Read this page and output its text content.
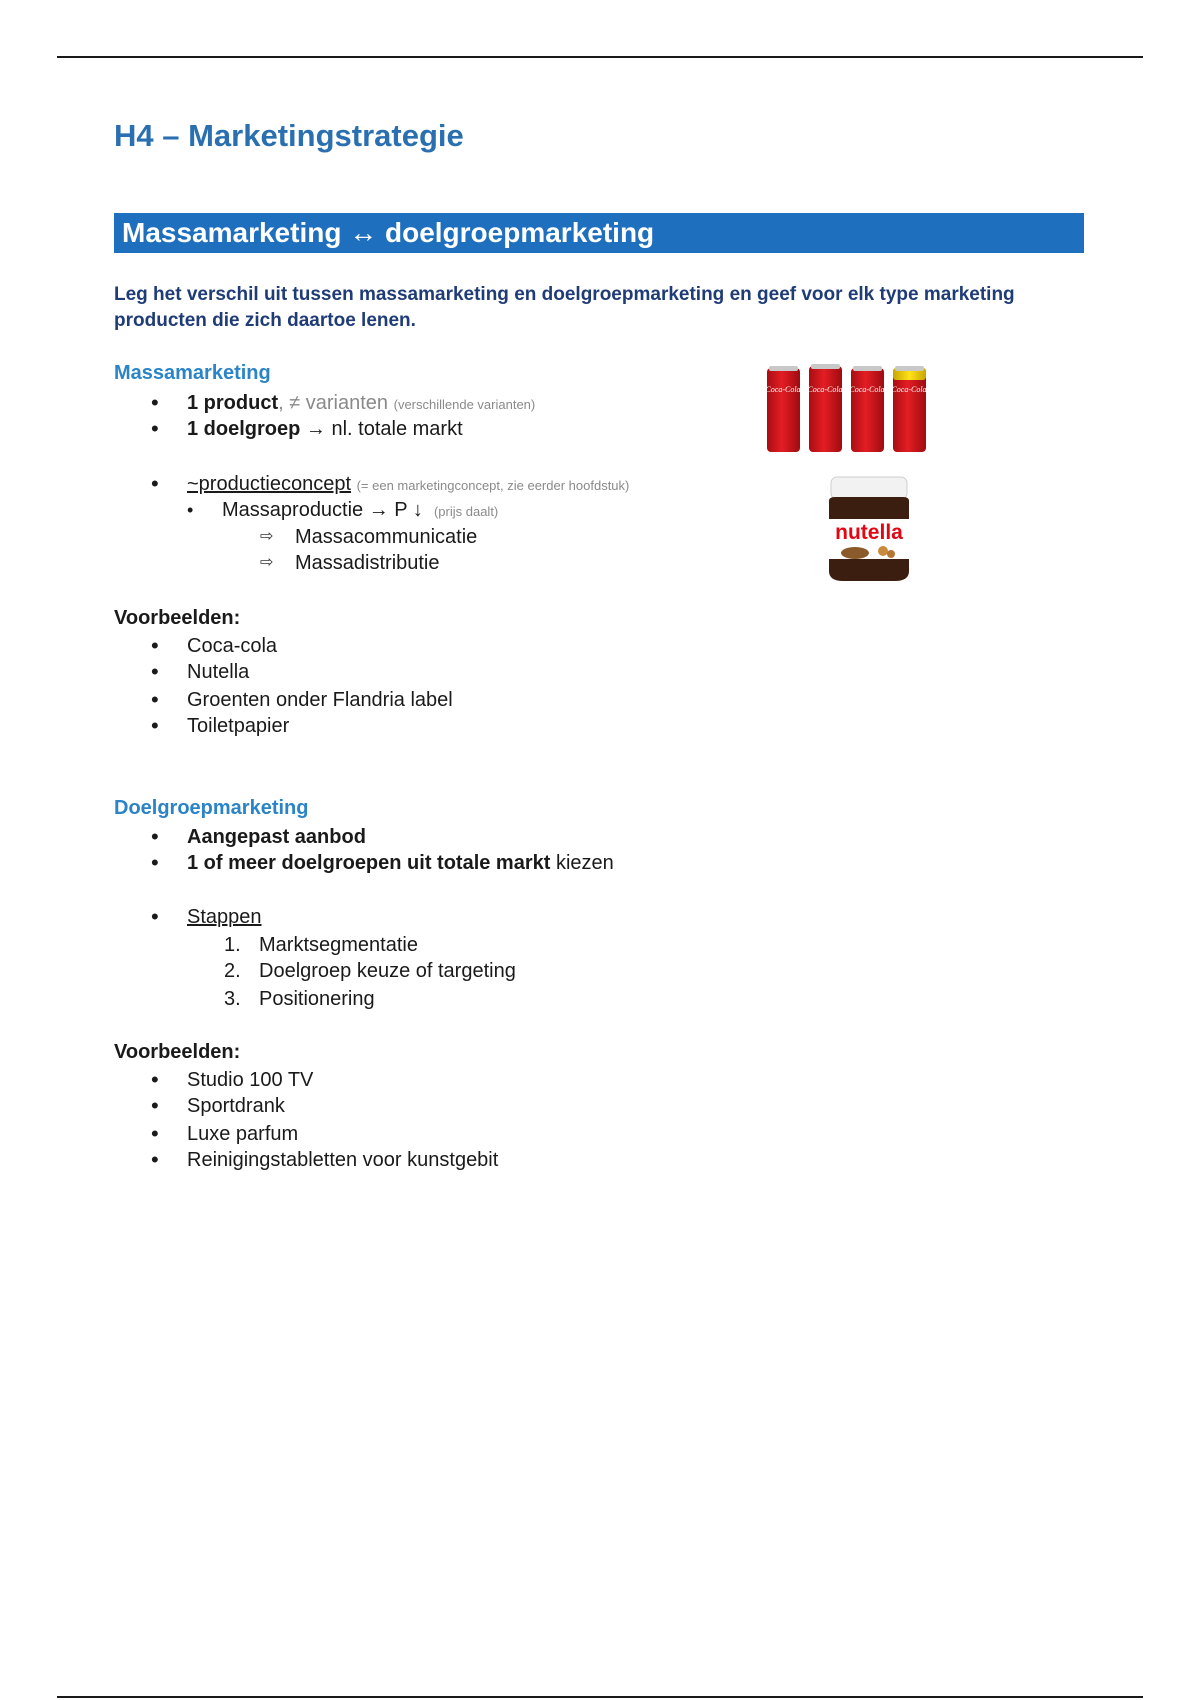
H4 – Marketingstrategie
Massamarketing ↔ doelgroepmarketing
Leg het verschil uit tussen massamarketing en doelgroepmarketing en geef voor elk type marketing producten die zich daartoe lenen.
Massamarketing
• 1 product, ≠ varianten (verschillende varianten)
• 1 doelgroep → nl. totale markt
• ~productieconcept (= een marketingconcept, zie eerder hoofdstuk)
• Massaproductie → P ↓ (prijs daalt)
⇨ Massacommunicatie
⇨ Massadistributie
Voorbeelden:
• Coca-cola
• Nutella
• Groenten onder Flandria label
• Toiletpapier
Coca-Cola Coca-Cola Coca-Cola Coca-Cola
nutella
Doelgroepmarketing
• Aangepast aanbod
• 1 of meer doelgroepen uit totale markt kiezen
• Stappen
1. Marktsegmentatie
2. Doelgroep keuze of targeting
3. Positionering
Voorbeelden:
• Studio 100 TV
• Sportdrank
• Luxe parfum
• Reinigingstabletten voor kunstgebit
